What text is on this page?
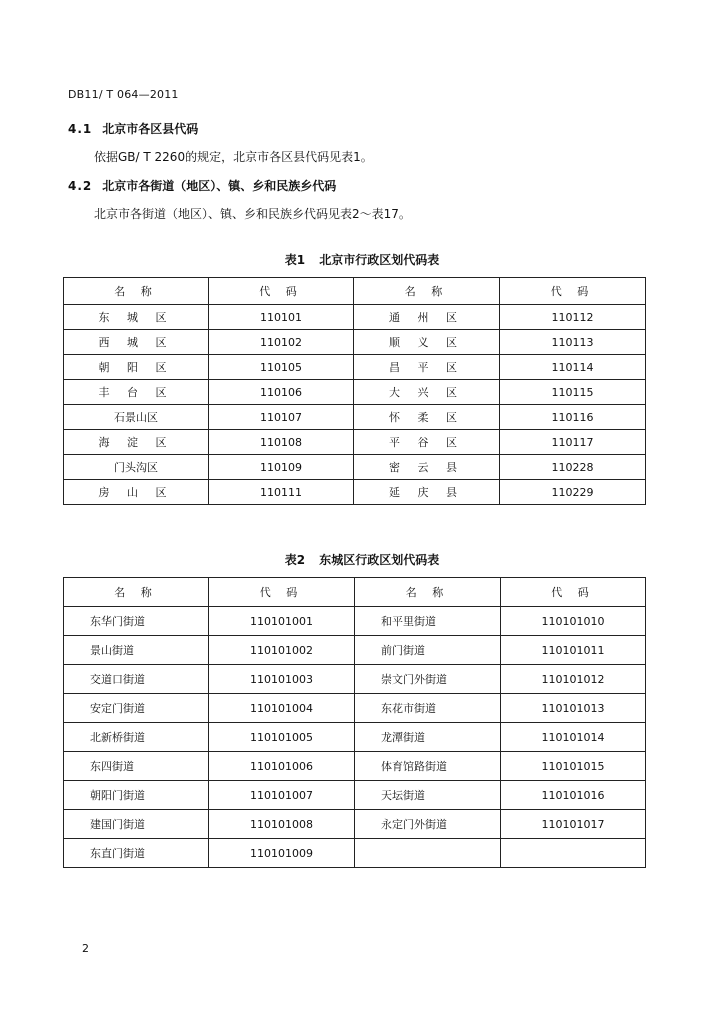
DB11/ T 064—2011
4.1 北京市各区县代码
依据GB/ T 2260的规定，北京市各区县代码见表1。
4.2 北京市各街道（地区）、镇、乡和民族乡代码
北京市各街道（地区）、镇、乡和民族乡代码见表2～表17。
表1 北京市行政区划代码表
名 称	代 码	名 称	代 码
东 城 区	110101	通 州 区	110112
西 城 区	110102	顺 义 区	110113
朝 阳 区	110105	昌 平 区	110114
丰 台 区	110106	大 兴 区	110115
石景山区	110107	怀 柔 区	110116
海 淀 区	110108	平 谷 区	110117
门头沟区	110109	密 云 县	110228
房 山 区	110111	延 庆 县	110229
表2 东城区行政区划代码表
名 称	代 码	名 称	代 码
东华门街道	110101001	和平里街道	110101010
景山街道	110101002	前门街道	110101011
交道口街道	110101003	崇文门外街道	110101012
安定门街道	110101004	东花市街道	110101013
北新桥街道	110101005	龙潭街道	110101014
东四街道	110101006	体育馆路街道	110101015
朝阳门街道	110101007	天坛街道	110101016
建国门街道	110101008	永定门外街道	110101017
东直门街道	110101009		
2
